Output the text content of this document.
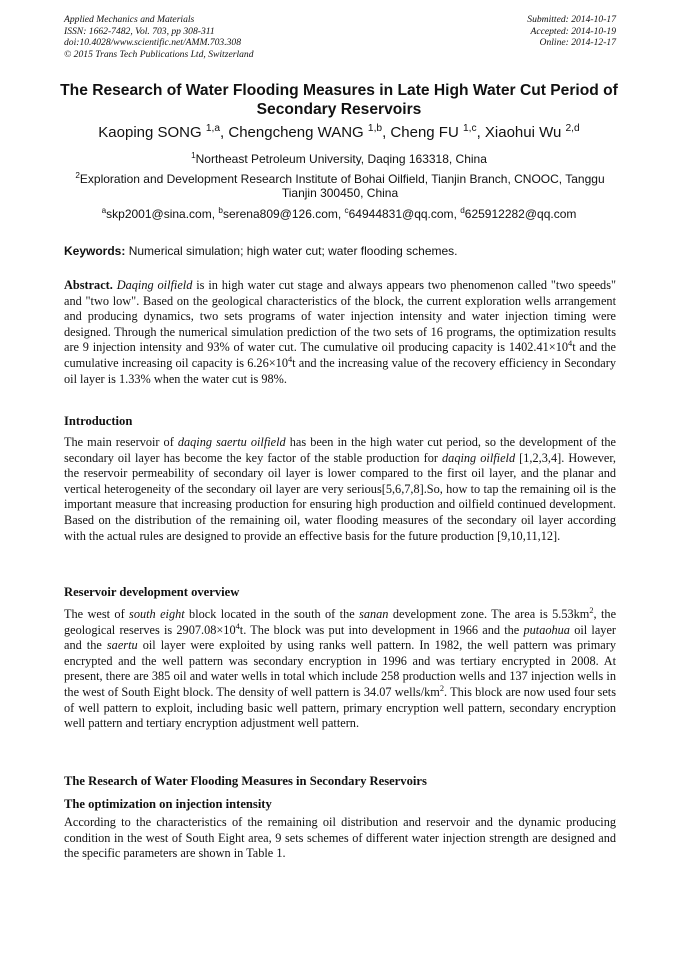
Applied Mechanics and Materials
ISSN: 1662-7482, Vol. 703, pp 308-311
doi:10.4028/www.scientific.net/AMM.703.308
© 2015 Trans Tech Publications Ltd, Switzerland
Submitted: 2014-10-17
Accepted: 2014-10-19
Online: 2014-12-17
The Research of Water Flooding Measures in Late High Water Cut Period of Secondary Reservoirs
Kaoping SONG $^{1,a}$, Chengcheng WANG $^{1,b}$, Cheng FU $^{1,c}$, Xiaohui Wu $^{2,d}$
$^1$Northeast Petroleum University, Daqing 163318, China
$^2$Exploration and Development Research Institute of Bohai Oilfield, Tianjin Branch, CNOOC, Tanggu Tianjin 300450, China
$^a$skp2001@sina.com, $^b$serena809@126.com, $^c$64944831@qq.com, $^d$625912282@qq.com
Keywords: Numerical simulation; high water cut; water flooding schemes.

Abstract. Daqing oilfield is in high water cut stage and always appears two phenomenon called "two speeds" and "two low". Based on the geological characteristics of the block, the current exploration wells arrangement and producing dynamics, two sets programs of water injection intensity and water injection timing were designed. Through the numerical simulation prediction of the two sets of 16 programs, the optimization results are 9 injection intensity and 93% of water cut. The cumulative oil producing capacity is $1402.41\times 10^4t$ and the cumulative increasing oil capacity is $6.26\times 10^4t$ and the increasing value of the recovery efficiency in Secondary oil layer is 1.33% when the water cut is 98%.

Introduction

The main reservoir of daqing saertu oilfield has been in the high water cut period, so the development of the secondary oil layer has become the key factor of the stable production for daqing oilfield [1,2,3,4]. However, the reservoir permeability of secondary oil layer is lower compared to the first oil layer, and the planar and vertical heterogeneity of the secondary oil layer are very serious[5,6,7,8].So, how to tap the remaining oil is the important measure that increasing production for ensuring high production and oilfield continued development. Based on the distribution of the remaining oil, water flooding measures of the secondary oil layer according with the actual rules are designed to provide an effective basis for the future production [9,10,11,12].

Reservoir development overview

The west of south eight block located in the south of the sanan development zone. The area is $5.53km^2$, the geological reserves is $2907.08\times 10^4t$. The block was put into development in 1966 and the putaohua oil layer and the saertu oil layer were exploited by using ranks well pattern. In 1982, the well pattern was primary encrypted and the well pattern was secondary encryption in 1996 and was tertiary encrypted in 2008. At present, there are 385 oil and water wells in total which include 258 production wells and 137 injection wells in the west of South Eight block. The density of well pattern is 34.07 wells/$km^2$. This block are now used four sets of well pattern to exploit, including basic well pattern, primary encryption well pattern, secondary encryption well pattern and tertiary encryption adjustment well pattern.

The Research of Water Flooding Measures in Secondary Reservoirs
The optimization on injection intensity

According to the characteristics of the remaining oil distribution and reservoir and the dynamic producing condition in the west of South Eight area, 9 sets schemes of different water injection strength are designed and the specific parameters are shown in Table 1.
